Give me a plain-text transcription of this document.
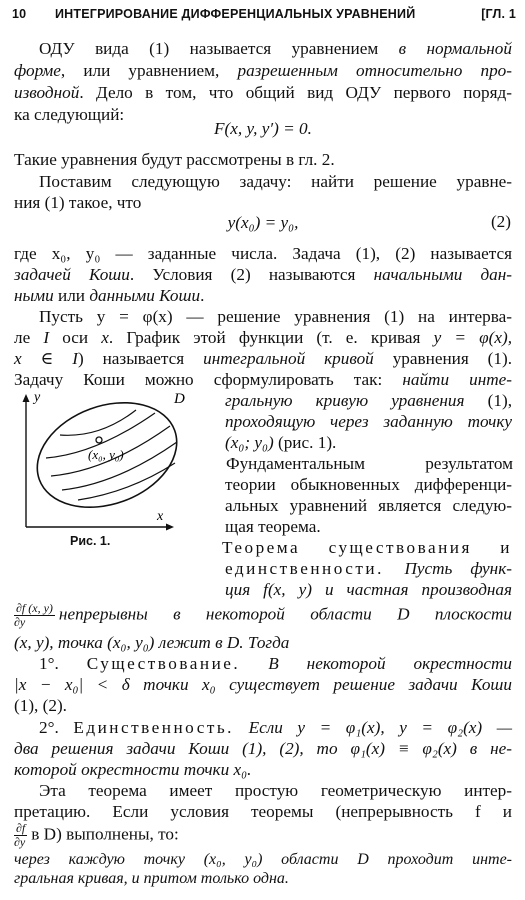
10 ИНТЕГРИРОВАНИЕ ДИФФЕРЕНЦИАЛЬНЫХ УРАВНЕНИЙ	[ГЛ. 1
ОДУ вида (1) называется уравнением в нормальной
форме, или уравнением, разрешенным относительно про-
изводной. Дело в том, что общий вид ОДУ первого поряд-
ка следующий:
F(x, y, y′) = 0.
Такие уравнения будут рассмотрены в гл. 2.
Поставим следующую задачу: найти решение уравне-
ния (1) такое, что
y(x₀) = y₀,	(2)
где x₀, y₀ — заданные числа. Задача (1), (2) называется
задачей Коши. Условия (2) называются начальными дан-
ными или данными Коши.
Пусть y = φ(x) — решение уравнения (1) на интерва-
ле I оси x. График этой функции (т. е. кривая y = φ(x),
x ∈ I) называется интегральной кривой уравнения (1).
Задачу Коши можно сформулировать так: найти инте-
(x₀, y₀)
D
x
y
Рис. 1.
гральную кривую уравнения (1),
проходящую через заданную точку
(x₀; y₀) (рис. 1).
Фундаментальным результатом
теории обыкновенных дифференци-
альных уравнений является следую-
щая теорема.
Теорема существования и
единственности. Пусть функ-
ция f(x, y) и частная производная
$\frac{\partial f (x, y)}{\partial y}$ непрерывны в некоторой области D плоскости
(x, y), точка (x₀, y₀) лежит в D. Тогда
1°. Существование. В некоторой окрестности
|x − x₀| < δ точки x₀ существует решение задачи Коши
(1), (2).
2°. Единственность. Если y = φ₁(x), y = φ₂(x) —
два решения задачи Коши (1), (2), то φ₁(x) ≡ φ₂(x) в не-
которой окрестности точки x₀.
Эта теорема имеет простую геометрическую интер-
претацию. Если условия теоремы (непрерывность f и
$\frac{\partial f}{\partial y}$ в D) выполнены, то:
через каждую точку (x₀, y₀) области D проходит инте-
гральная кривая, и притом только одна.
